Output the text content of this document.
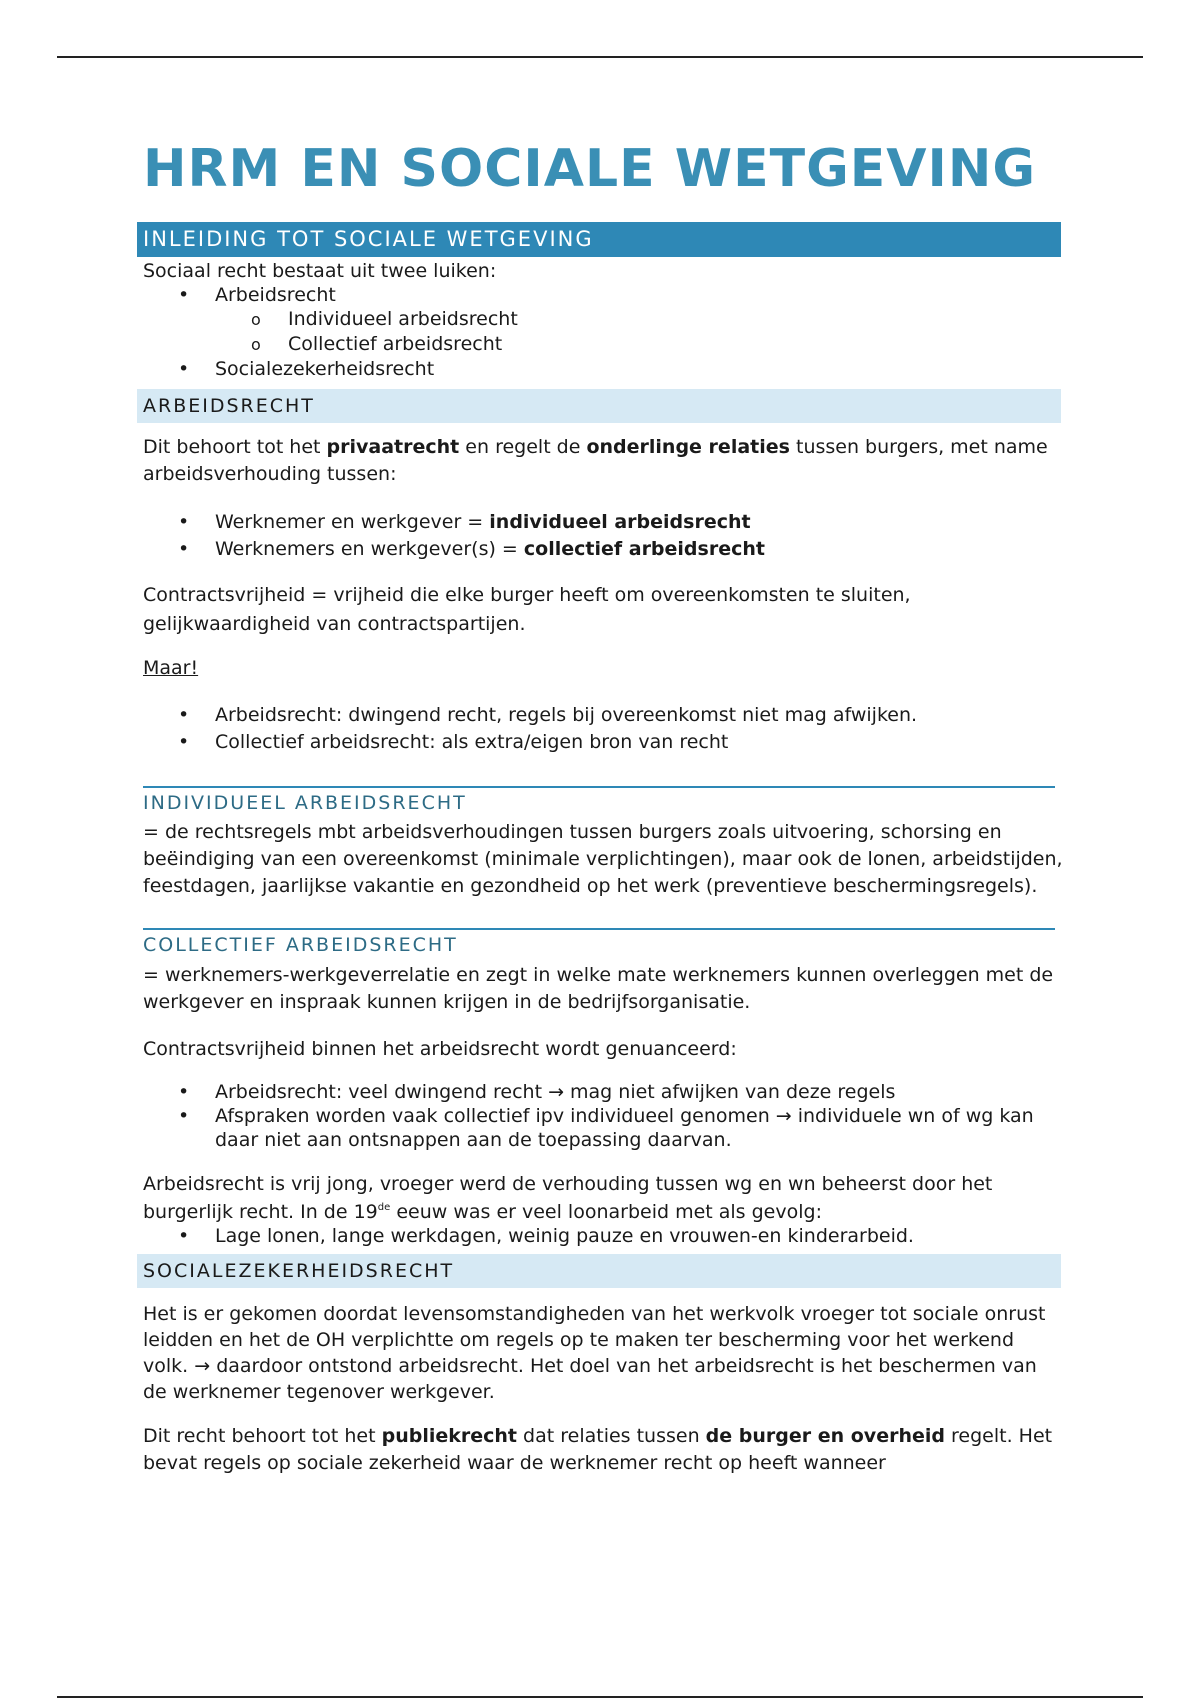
HRM EN SOCIALE WETGEVING
INLEIDING TOT SOCIALE WETGEVING

Sociaal recht bestaat uit twee luiken:

• Arbeidsrecht
o Individueel arbeidsrecht
o Collectief arbeidsrecht
• Socialezekerheidsrecht
ARBEIDSRECHT

Dit behoort tot het privaatrecht en regelt de onderlinge relaties tussen burgers, met name arbeidsverhouding tussen:

• Werknemer en werkgever = individueel arbeidsrecht
• Werknemers en werkgever(s) = collectief arbeidsrecht

Contractsvrijheid = vrijheid die elke burger heeft om overeenkomsten te sluiten, gelijkwaardigheid van contractspartijen.

Maar!

• Arbeidsrecht: dwingend recht, regels bij overeenkomst niet mag afwijken.
• Collectief arbeidsrecht: als extra/eigen bron van recht
INDIVIDUEEL ARBEIDSRECHT

= de rechtsregels mbt arbeidsverhoudingen tussen burgers zoals uitvoering, schorsing en beëindiging van een overeenkomst (minimale verplichtingen), maar ook de lonen, arbeidstijden, feestdagen, jaarlijkse vakantie en gezondheid op het werk (preventieve beschermingsregels).

COLLECTIEF ARBEIDSRECHT

= werknemers-werkgeverrelatie en zegt in welke mate werknemers kunnen overleggen met de werkgever en inspraak kunnen krijgen in de bedrijfsorganisatie.

Contractsvrijheid binnen het arbeidsrecht wordt genuanceerd:

• Arbeidsrecht: veel dwingend recht → mag niet afwijken van deze regels
• Afspraken worden vaak collectief ipv individueel genomen → individuele wn of wg kan daar niet aan ontsnappen aan de toepassing daarvan.

Arbeidsrecht is vrij jong, vroeger werd de verhouding tussen wg en wn beheerst door het burgerlijk recht. In de 19de eeuw was er veel loonarbeid met als gevolg:

• Lage lonen, lange werkdagen, weinig pauze en vrouwen-en kinderarbeid.
SOCIALEZEKERHEIDSRECHT

Het is er gekomen doordat levensomstandigheden van het werkvolk vroeger tot sociale onrust leidden en het de OH verplichtte om regels op te maken ter bescherming voor het werkend volk. → daardoor ontstond arbeidsrecht. Het doel van het arbeidsrecht is het beschermen van de werknemer tegenover werkgever.

Dit recht behoort tot het publiekrecht dat relaties tussen de burger en overheid regelt. Het bevat regels op sociale zekerheid waar de werknemer recht op heeft wanneer
